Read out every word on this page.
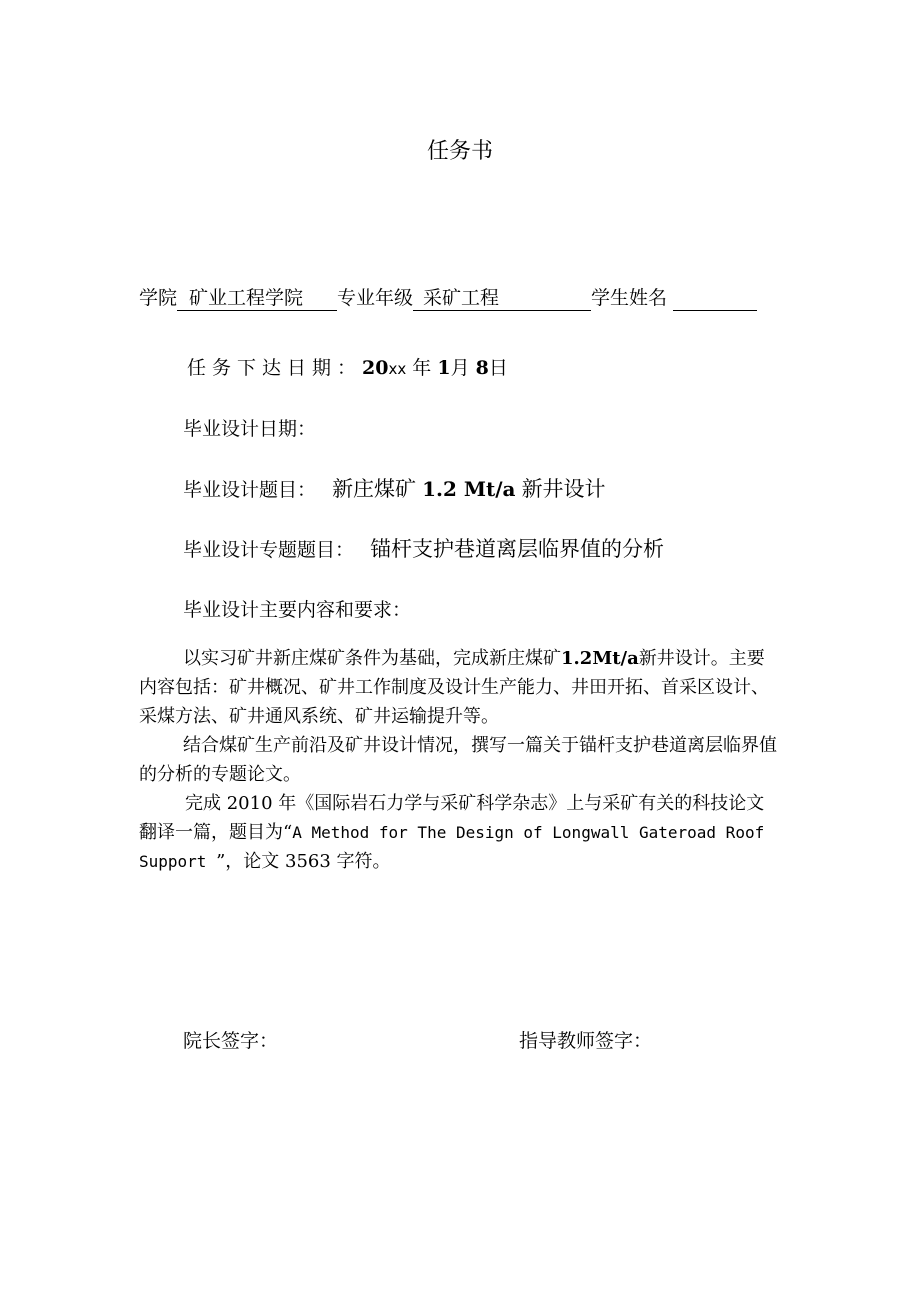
任务书
学院 矿业工程学院 专业年级 采矿工程	学生姓名
任务下达日期：20xx 年 1月 8日
毕业设计日期：
毕业设计题目： 新庄煤矿 1.2 Mt/a 新井设计
毕业设计专题题目： 锚杆支护巷道离层临界值的分析
毕业设计主要内容和要求：
以实习矿井新庄煤矿条件为基础，完成新庄煤矿1.2Mt/a新井设计。主要内容包括：矿井概况、矿井工作制度及设计生产能力、井田开拓、首采区设计、采煤方法、矿井通风系统、矿井运输提升等。
结合煤矿生产前沿及矿井设计情况，撰写一篇关于锚杆支护巷道离层临界值的分析的专题论文。
完成 2010 年《国际岩石力学与采矿科学杂志》上与采矿有关的科技论文翻译一篇，题目为“A Method for The Design of Longwall Gateroad Roof Support ”，论文 3563 字符。
院长签字：	指导教师签字：
